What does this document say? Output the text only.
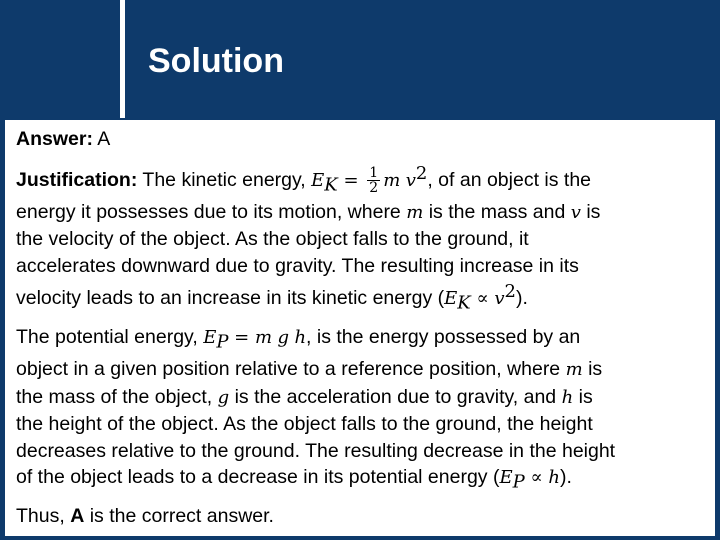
Solution

Answer: A

Justification: The kinetic energy, $E_K = \frac{1}{2}$ m $v^2$, of an object is the
energy it possesses due to its motion, where m is the mass and v is
the velocity of the object. As the object falls to the ground, it
accelerates downward due to gravity. The resulting increase in its
velocity leads to an increase in its kinetic energy $(E_K \propto v^2)$.

The potential energy, $E_P = m$ g h, is the energy possessed by an
object in a given position relative to a reference position, where m is
the mass of the object, g is the acceleration due to gravity, and h is
the height of the object. As the object falls to the ground, the height
decreases relative to the ground. The resulting decrease in the height
of the object leads to a decrease in its potential energy $(E_P \propto h)$.

Thus, A is the correct answer.
